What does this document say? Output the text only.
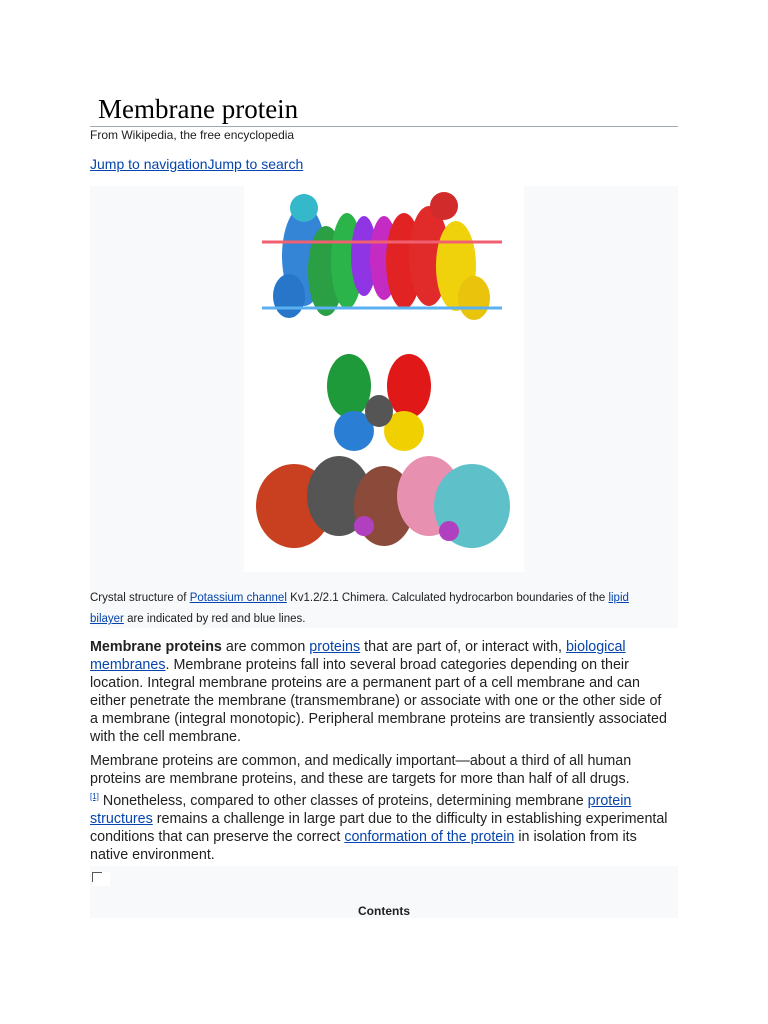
Membrane protein
From Wikipedia, the free encyclopedia
Jump to navigationJump to search
Crystal structure of Potassium channel Kv1.2/2.1 Chimera. Calculated hydrocarbon boundaries of the lipid bilayer are indicated by red and blue lines.

Membrane proteins are common proteins that are part of, or interact with, biological membranes. Membrane proteins fall into several broad categories depending on their location. Integral membrane proteins are a permanent part of a cell membrane and can either penetrate the membrane (transmembrane) or associate with one or the other side of a membrane (integral monotopic). Peripheral membrane proteins are transiently associated with the cell membrane.

Membrane proteins are common, and medically important—about a third of all human proteins are membrane proteins, and these are targets for more than half of all drugs.
[1] Nonetheless, compared to other classes of proteins, determining membrane protein structures remains a challenge in large part due to the difficulty in establishing experimental conditions that can preserve the correct conformation of the protein in isolation from its native environment.

Contents
